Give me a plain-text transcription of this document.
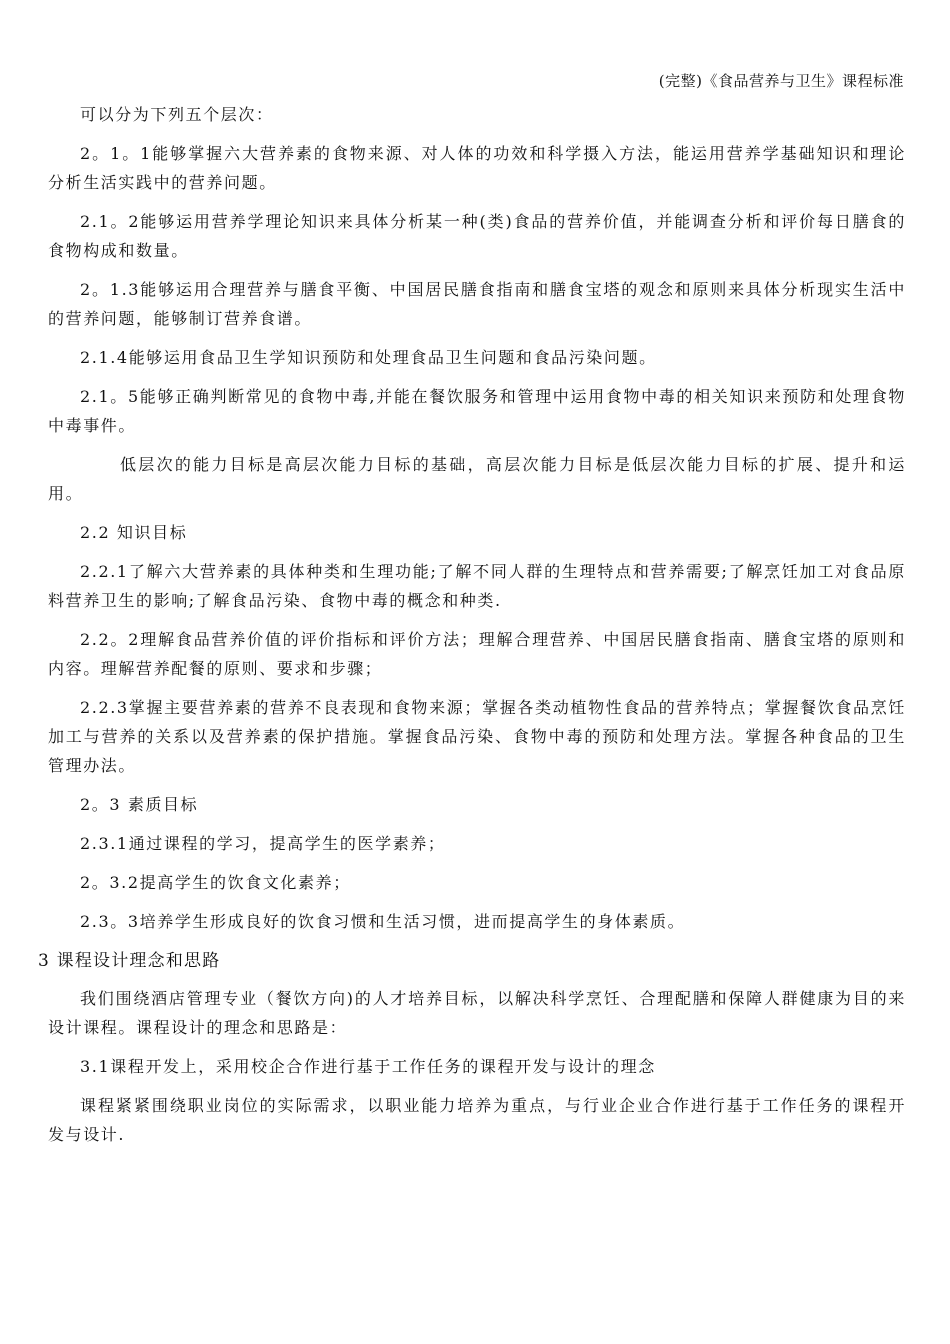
(完整)《食品营养与卫生》课程标准

可以分为下列五个层次：

2。1。1能够掌握六大营养素的食物来源、对人体的功效和科学摄入方法，能运用营养学基础知识和理论分析生活实践中的营养问题。

2.1。2能够运用营养学理论知识来具体分析某一种(类)食品的营养价值，并能调查分析和评价每日膳食的食物构成和数量。

2。1.3能够运用合理营养与膳食平衡、中国居民膳食指南和膳食宝塔的观念和原则来具体分析现实生活中的营养问题，能够制订营养食谱。

2.1.4能够运用食品卫生学知识预防和处理食品卫生问题和食品污染问题。

2.1。5能够正确判断常见的食物中毒,并能在餐饮服务和管理中运用食物中毒的相关知识来预防和处理食物中毒事件。

低层次的能力目标是高层次能力目标的基础，高层次能力目标是低层次能力目标的扩展、提升和运用。

2.2 知识目标

2.2.1了解六大营养素的具体种类和生理功能;了解不同人群的生理特点和营养需要;了解烹饪加工对食品原料营养卫生的影响;了解食品污染、食物中毒的概念和种类.

2.2。2理解食品营养价值的评价指标和评价方法；理解合理营养、中国居民膳食指南、膳食宝塔的原则和内容。理解营养配餐的原则、要求和步骤；

2.2.3掌握主要营养素的营养不良表现和食物来源；掌握各类动植物性食品的营养特点；掌握餐饮食品烹饪加工与营养的关系以及营养素的保护措施。掌握食品污染、食物中毒的预防和处理方法。掌握各种食品的卫生管理办法。

2。3 素质目标

2.3.1通过课程的学习，提高学生的医学素养；

2。3.2提高学生的饮食文化素养；

2.3。3培养学生形成良好的饮食习惯和生活习惯，进而提高学生的身体素质。

3 课程设计理念和思路

我们围绕酒店管理专业（餐饮方向)的人才培养目标，以解决科学烹饪、合理配膳和保障人群健康为目的来设计课程。课程设计的理念和思路是：

3.1课程开发上，采用校企合作进行基于工作任务的课程开发与设计的理念

课程紧紧围绕职业岗位的实际需求，以职业能力培养为重点，与行业企业合作进行基于工作任务的课程开发与设计.
